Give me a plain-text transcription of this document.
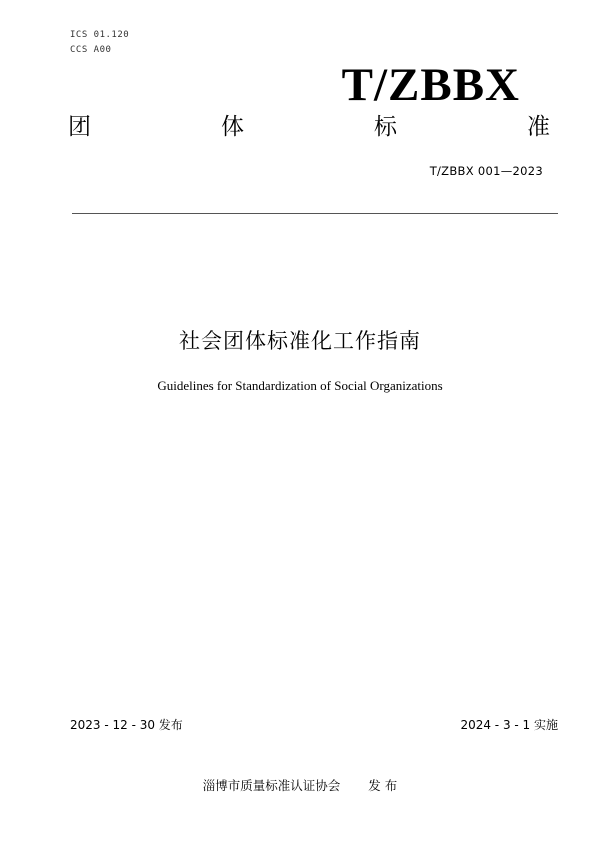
ICS 01.120
CCS A00
T/ZBBX
团	体	标	准
T/ZBBX 001—2023
社会团体标准化工作指南
Guidelines for Standardization of Social Organizations
2023 - 12 - 30 发布	2024 - 3 - 1 实施
淄博市质量标准认证协会 发 布
